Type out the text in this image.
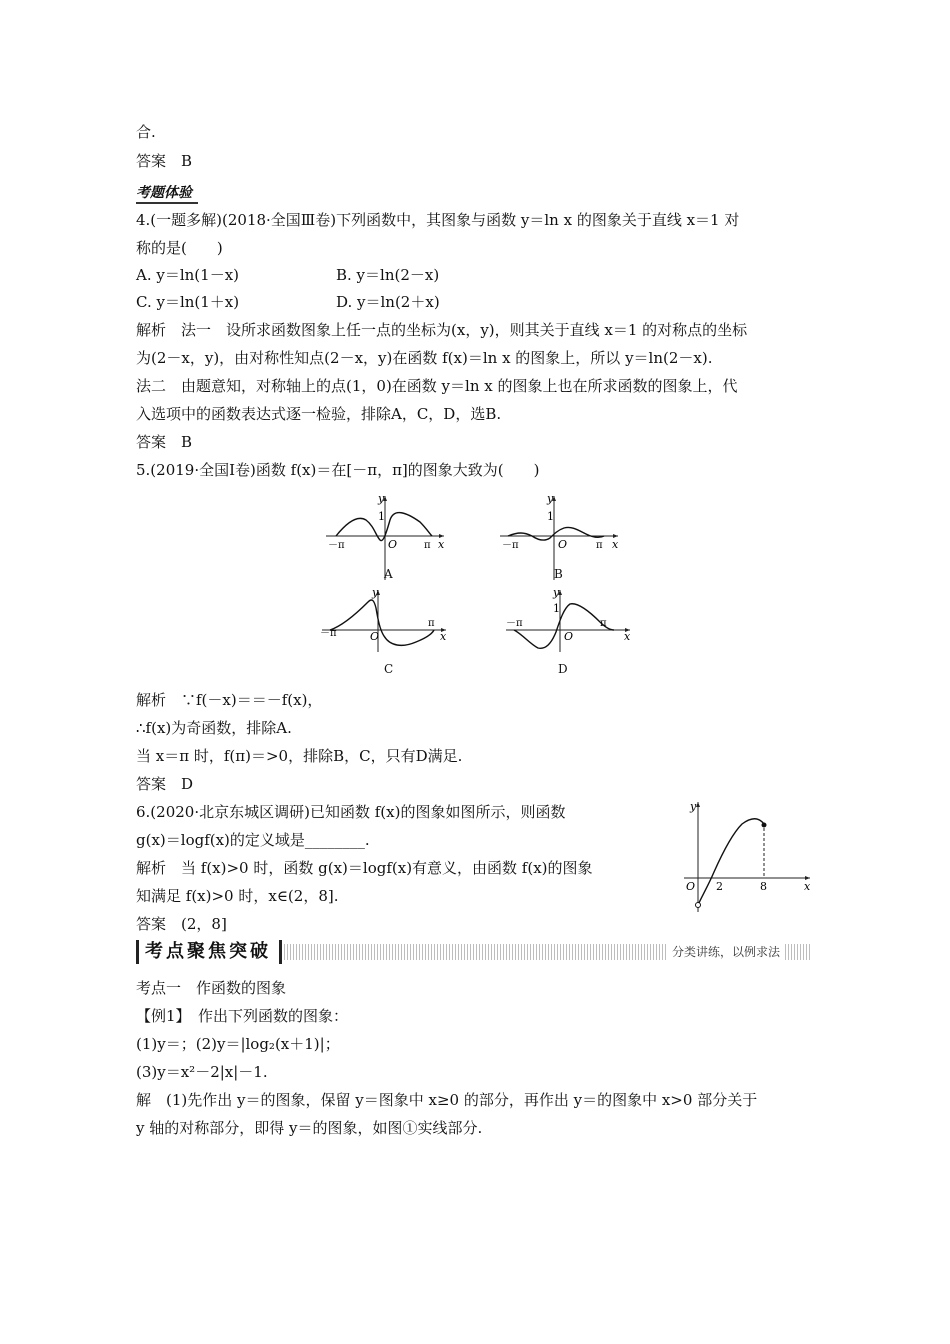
合.
答案　B
考题体验
4.(一题多解)(2018·全国Ⅲ卷)下列函数中，其图象与函数 y＝ln x 的图象关于直线 x＝1 对
称的是(　　)
A. y＝ln(1－x)	B. y＝ln(2－x)
C. y＝ln(1＋x)	D. y＝ln(2＋x)
解析　法一　设所求函数图象上任一点的坐标为(x，y)，则其关于直线 x＝1 的对称点的坐标
为(2－x，y)，由对称性知点(2－x，y)在函数 f(x)＝ln x 的图象上，所以 y＝ln(2－x).
法二　由题意知，对称轴上的点(1，0)在函数 y＝ln x 的图象上也在所求函数的图象上，代
入选项中的函数表达式逐一检验，排除A，C，D，选B.
答案　B
5.(2019·全国Ⅰ卷)函数 f(x)＝在[－π，π]的图象大致为(　　)
1
y
x
O
－π	π
A
1
y
x
O
－π	π
B
y
x
O
－π
π
C
1
y
x
O
－π	π
D
解析　∵f(－x)＝＝－f(x)，
∴f(x)为奇函数，排除A.
当 x＝π 时，f(π)＝>0，排除B，C，只有D满足.
答案　D
6.(2020·北京东城区调研)已知函数 f(x)的图象如图所示，则函数
g(x)＝logf(x)的定义域是________.
解析　当 f(x)>0 时，函数 g(x)＝logf(x)有意义，由函数 f(x)的图象
知满足 f(x)>0 时，x∈(2，8].
答案　(2，8]
y
x
O 2	8
考点聚焦突破	分类讲练，以例求法
考点一　作函数的图象
【例1】　作出下列函数的图象：
(1)y＝；(2)y＝|log₂(x＋1)|；
(3)y＝x²－2|x|－1.
解　(1)先作出 y＝的图象，保留 y＝图象中 x≥0 的部分，再作出 y＝的图象中 x>0 部分关于
y 轴的对称部分，即得 y＝的图象，如图①实线部分.
